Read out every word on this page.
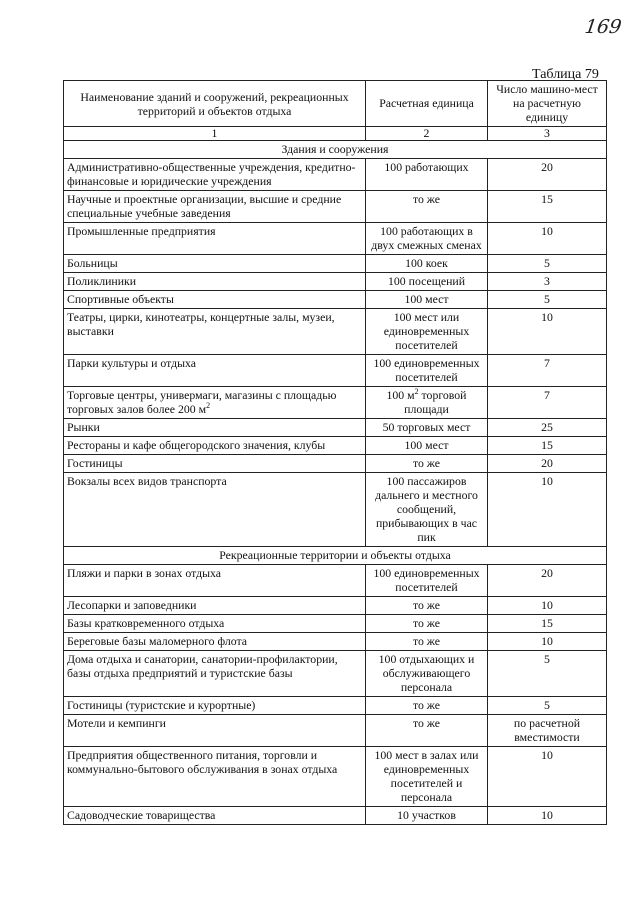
169
Таблица 79
Наименование зданий и сооружений, рекреационных территорий и объектов отдыха	Расчетная единица	Число машино-мест на расчетную единицу
1	2	3
Здания и сооружения		
Административно-общественные учреждения, кредитно-финансовые и юридические учреждения	100 работающих	20
Научные и проектные организации, высшие и средние специальные учебные заведения	то же	15
Промышленные предприятия	100 работающих в двух смежных сменах	10
Больницы	100 коек	5
Поликлиники	100 посещений	3
Спортивные объекты	100 мест	5
Театры, цирки, кинотеатры, концертные залы, музеи, выставки	100 мест или единовременных посетителей	10
Парки культуры и отдыха	100 единовременных посетителей	7
Торговые центры, универмаги, магазины с площадью торговых залов более 200 $м^2$	100 $м^2$ торговой площади	7
Рынки	50 торговых мест	25
Рестораны и кафе общегородского значения, клубы	100 мест	15
Гостиницы	то же	20
Вокзалы всех видов транспорта	100 пассажиров дальнего и местного сообщений, прибывающих в час пик	10
Рекреационные территории и объекты отдыха		
Пляжи и парки в зонах отдыха	100 единовременных посетителей	20
Лесопарки и заповедники	то же	10
Базы кратковременного отдыха	то же	15
Береговые базы маломерного флота	то же	10
Дома отдыха и санатории, санатории-профилактории, базы отдыха предприятий и туристские базы	100 отдыхающих и обслуживающего персонала	5
Гостиницы (туристские и курортные)	то же	5
Мотели и кемпинги	то же	по расчетной вместимости
Предприятия общественного питания, торговли и коммунально-бытового обслуживания в зонах отдыха	100 мест в залах или единовременных посетителей и персонала	10
Садоводческие товарищества	10 участков	10
